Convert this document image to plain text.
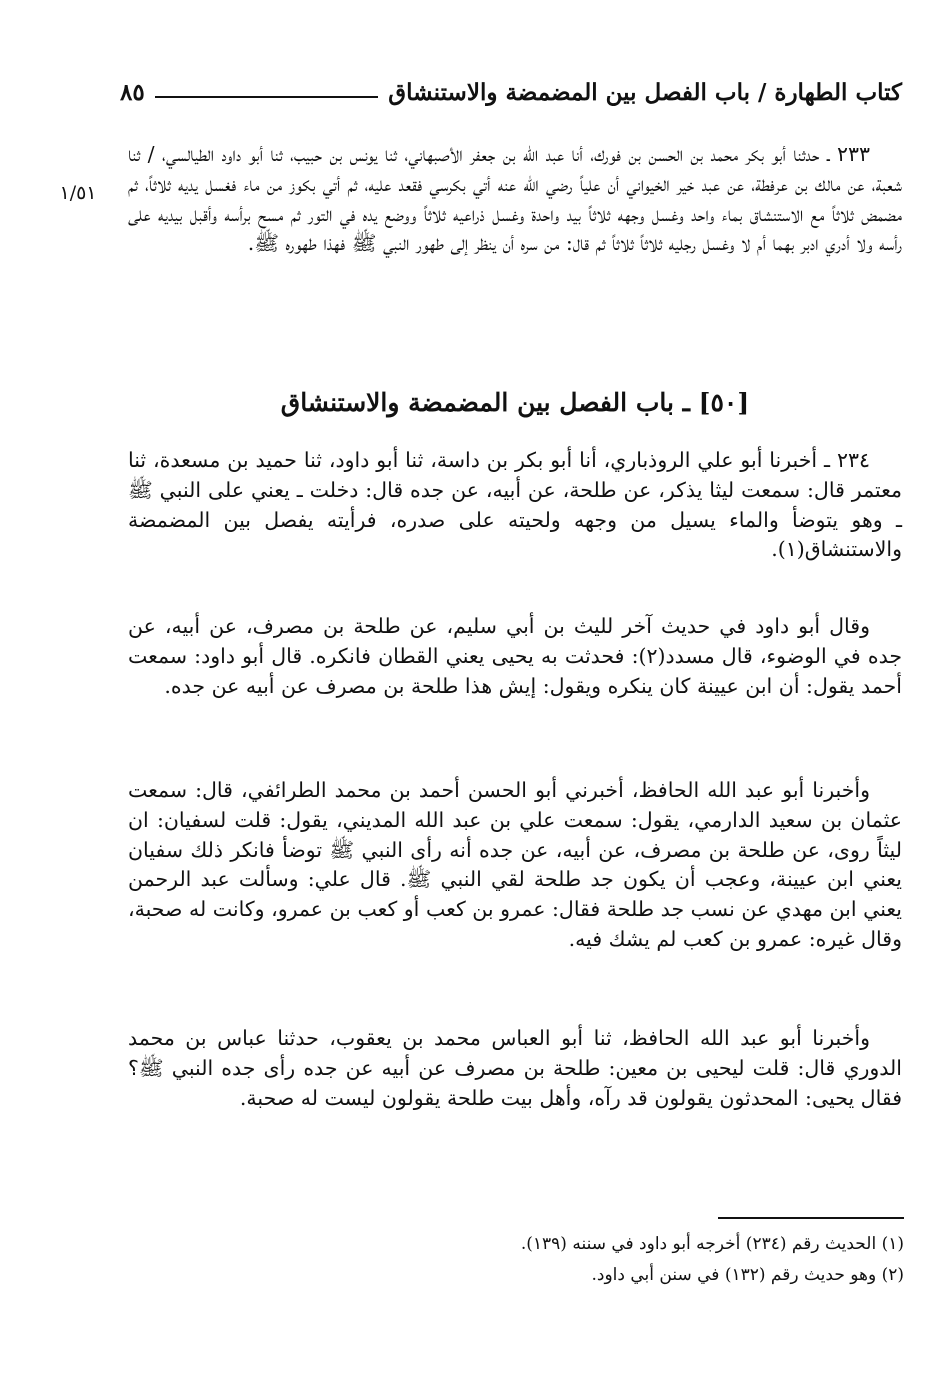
كتاب الطهارة / باب الفصل بين المضمضة والاستنشاق
٨٥
١/٥١

٢٣٣ ـ حدثنا أبو بكر محمد بن الحسن بن فورك، أنا عبد الله بن جعفر الأصبهاني، ثنا يونس بن حبيب، ثنا أبو داود الطيالسي، / ثنا شعبة، عن مالك بن عرفطة، عن عبد خير الخيواني أن علياً رضي الله عنه أتي بكرسي فقعد عليه، ثم أتي بكوز من ماء فغسل يديه ثلاثاً، ثم مضمض ثلاثاً مع الاستنشاق بماء واحد وغسل وجهه ثلاثاً بيد واحدة وغسل ذراعيه ثلاثاً ووضع يده في التور ثم مسح برأسه وأقبل بيديه على رأسه ولا أدري ادبر بهما أم لا وغسل رجليه ثلاثاً ثلاثاً ثم قال: من سره أن ينظر إلى طهور النبي ﷺ فهذا طهوره ﷺ.

[٥٠] ـ باب الفصل بين المضمضة والاستنشاق

٢٣٤ ـ أخبرنا أبو علي الروذباري، أنا أبو بكر بن داسة، ثنا أبو داود، ثنا حميد بن مسعدة، ثنا معتمر قال: سمعت ليثا يذكر، عن طلحة، عن أبيه، عن جده قال: دخلت ـ يعني على النبي ﷺ ـ وهو يتوضأ والماء يسيل من وجهه ولحيته على صدره، فرأيته يفصل بين المضمضة والاستنشاق(١).

وقال أبو داود في حديث آخر لليث بن أبي سليم، عن طلحة بن مصرف، عن أبيه، عن جده في الوضوء، قال مسدد(٢): فحدثت به يحيى يعني القطان فانكره. قال أبو داود: سمعت أحمد يقول: أن ابن عيينة كان ينكره ويقول: إيش هذا طلحة بن مصرف عن أبيه عن جده.

وأخبرنا أبو عبد الله الحافظ، أخبرني أبو الحسن أحمد بن محمد الطرائفي، قال: سمعت عثمان بن سعيد الدارمي، يقول: سمعت علي بن عبد الله المديني، يقول: قلت لسفيان: ان ليثاً روى، عن طلحة بن مصرف، عن أبيه، عن جده أنه رأى النبي ﷺ توضأ فانكر ذلك سفيان يعني ابن عيينة، وعجب أن يكون جد طلحة لقي النبي ﷺ. قال علي: وسألت عبد الرحمن يعني ابن مهدي عن نسب جد طلحة فقال: عمرو بن كعب أو كعب بن عمرو، وكانت له صحبة، وقال غيره: عمرو بن كعب لم يشك فيه.

وأخبرنا أبو عبد الله الحافظ، ثنا أبو العباس محمد بن يعقوب، حدثنا عباس بن محمد الدوري قال: قلت ليحيى بن معين: طلحة بن مصرف عن أبيه عن جده رأى جده النبي ﷺ؟ فقال يحيى: المحدثون يقولون قد رآه، وأهل بيت طلحة يقولون ليست له صحبة.

(١) الحديث رقم (٢٣٤) أخرجه أبو داود في سننه (١٣٩).

(٢) وهو حديث رقم (١٣٢) في سنن أبي داود.
